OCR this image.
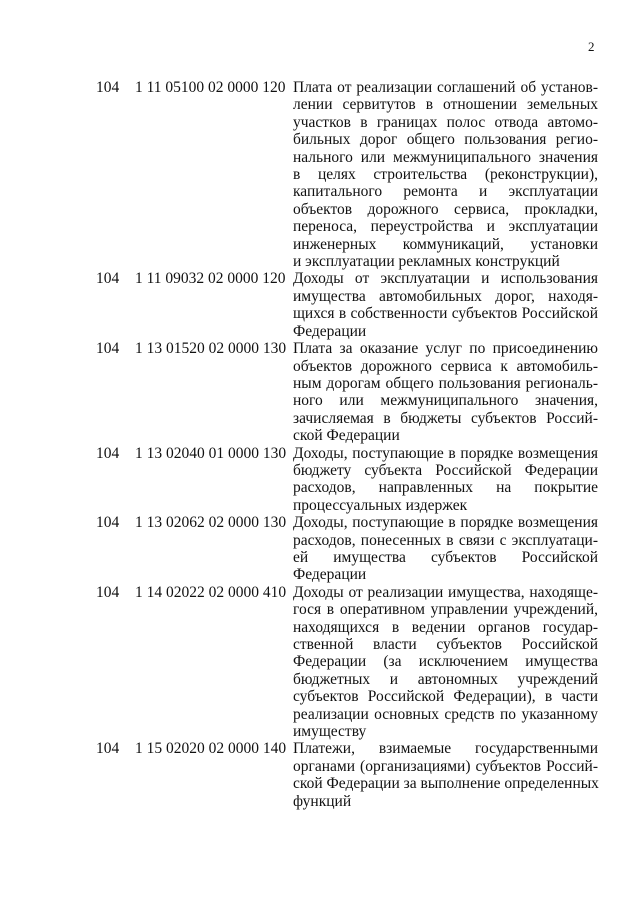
2
104 1 11 05100 02 0000 120 Плата от реализации соглашений об установ-
лении сервитутов в отношении земельных
участков в границах полос отвода автомо-
бильных дорог общего пользования регио-
нального или межмуниципального значения
в целях строительства (реконструкции),
капитального ремонта и эксплуатации
объектов дорожного сервиса, прокладки,
переноса, переустройства и эксплуатации
инженерных коммуникаций, установки
и эксплуатации рекламных конструкций
104 1 11 09032 02 0000 120 Доходы от эксплуатации и использования
имущества автомобильных дорог, находя-
щихся в собственности субъектов Российской
Федерации
104 1 13 01520 02 0000 130 Плата за оказание услуг по присоединению
объектов дорожного сервиса к автомобиль-
ным дорогам общего пользования региональ-
ного или межмуниципального значения,
зачисляемая в бюджеты субъектов Россий-
ской Федерации
104 1 13 02040 01 0000 130 Доходы, поступающие в порядке возмещения
бюджету субъекта Российской Федерации
расходов, направленных на покрытие
процессуальных издержек
104 1 13 02062 02 0000 130 Доходы, поступающие в порядке возмещения
расходов, понесенных в связи с эксплуатаци-
ей имущества субъектов Российской
Федерации
104 1 14 02022 02 0000 410 Доходы от реализации имущества, находяще-
гося в оперативном управлении учреждений,
находящихся в ведении органов государ-
ственной власти субъектов Российской
Федерации (за исключением имущества
бюджетных и автономных учреждений
субъектов Российской Федерации), в части
реализации основных средств по указанному
имуществу
104 1 15 02020 02 0000 140 Платежи, взимаемые государственными
органами (организациями) субъектов Россий-
ской Федерации за выполнение определенных
функций
